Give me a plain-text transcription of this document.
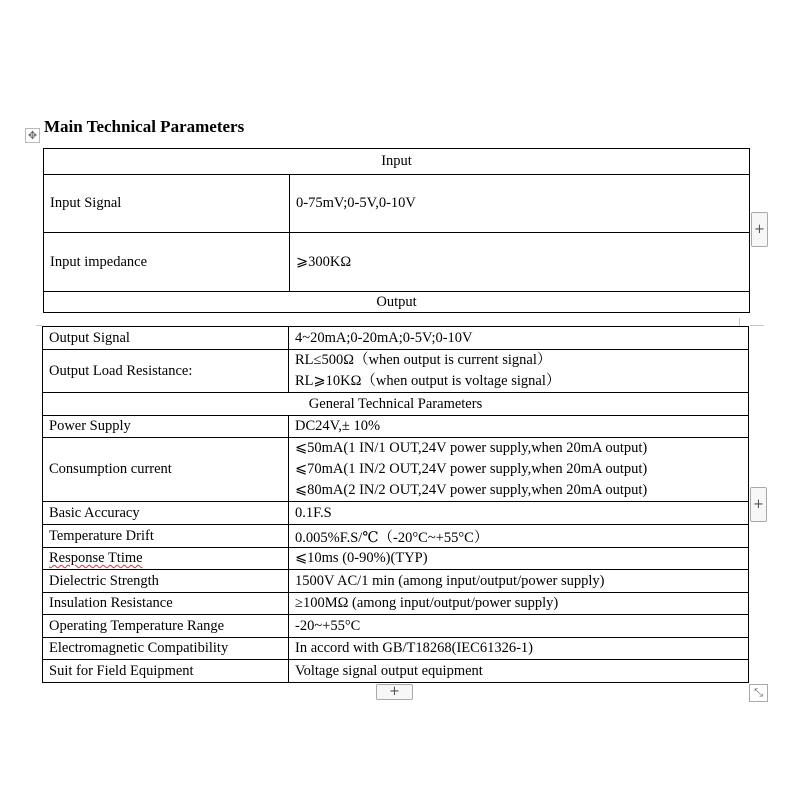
Main Technical Parameters
✥
Input	
Input Signal	0-75mV;0-5V,0-10V
Input impedance	⩾300KΩ
Output	
Output Signal	4~20mA;0-20mA;0-5V;0-10V
Output Load Resistance:	RL≤500Ω（when output is current signal）
RL⩾10KΩ（when output is voltage signal）

General Technical Parameters	
Power Supply	DC24V,± 10%
Consumption current	⩽50mA(1 IN/1 OUT,24V power supply,when 20mA output)
⩽70mA(1 IN/2 OUT,24V power supply,when 20mA output)
⩽80mA(2 IN/2 OUT,24V power supply,when 20mA output)

Basic Accuracy	0.1F.S
Temperature Drift	0.005%F.S/℃（-20°C~+55°C）
Response Ttime	⩽10ms (0-90%)(TYP)
Dielectric Strength	1500V AC/1 min (among input/output/power supply)
Insulation Resistance	≥100MΩ (among input/output/power supply)
Operating Temperature Range	-20~+55°C
Electromagnetic Compatibility	In accord with GB/T18268(IEC61326-1)
Suit for Field Equipment	Voltage signal output equipment
+
+
+	⤡
